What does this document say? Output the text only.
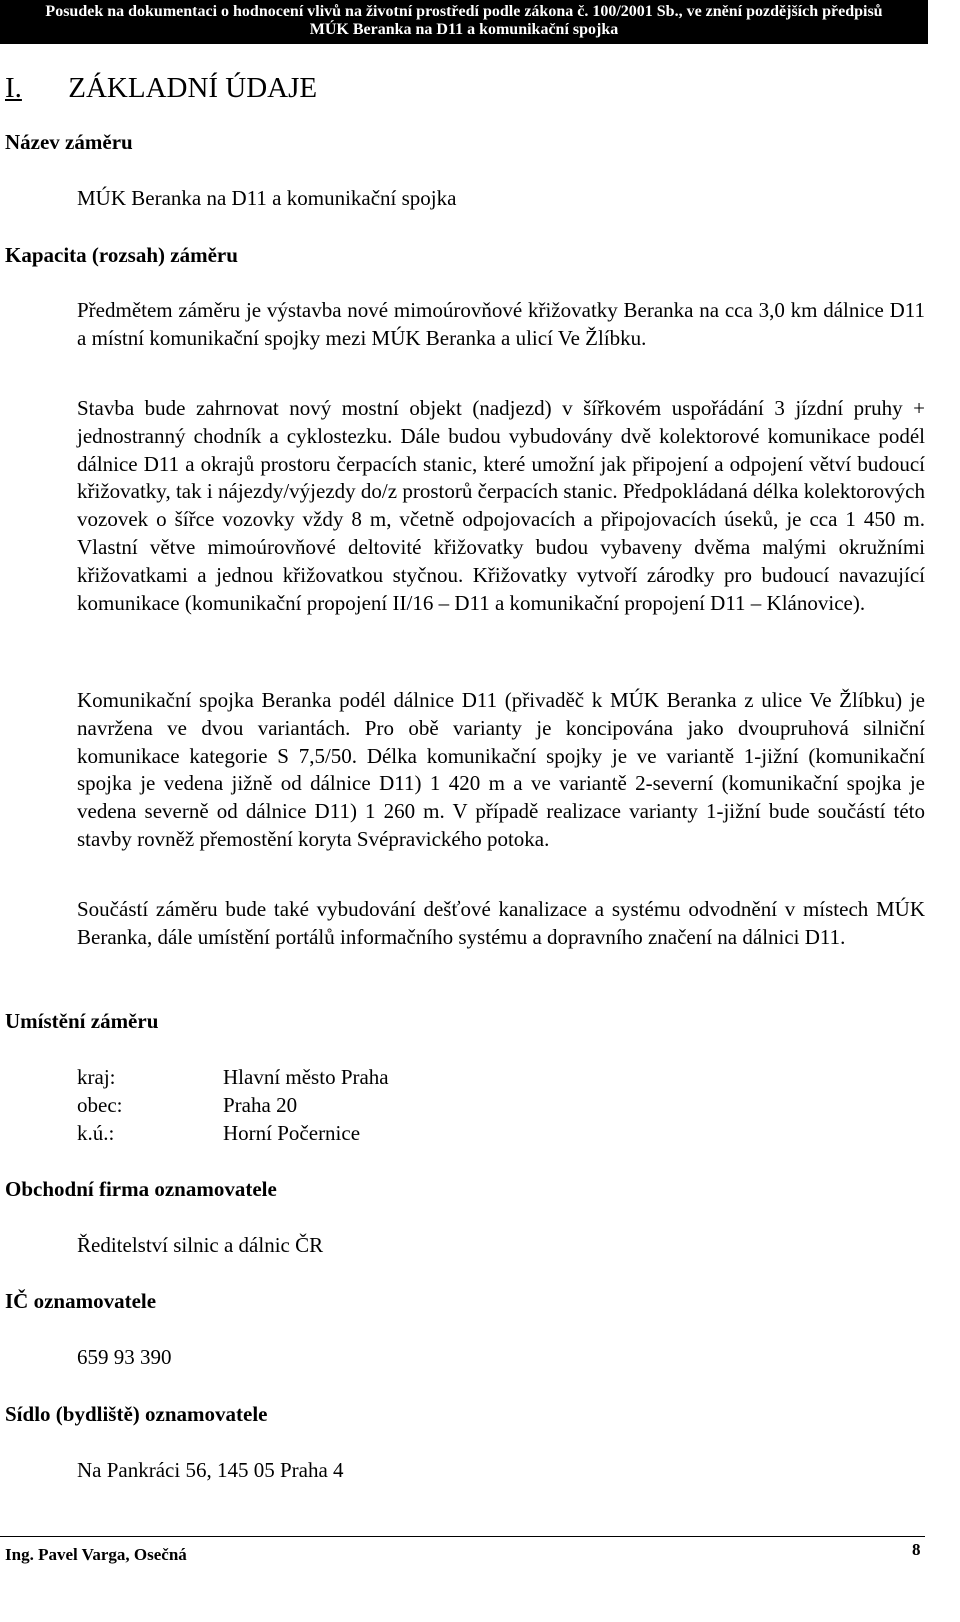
Posudek na dokumentaci o hodnocení vlivů na životní prostředí podle zákona č. 100/2001 Sb., ve znění pozdějších předpisů
MÚK Beranka na D11 a komunikační spojka
I. ZÁKLADNÍ ÚDAJE
Název záměru
MÚK Beranka na D11 a komunikační spojka
Kapacita (rozsah) záměru
Předmětem záměru je výstavba nové mimoúrovňové křižovatky Beranka na cca 3,0 km dálnice D11 a místní komunikační spojky mezi MÚK Beranka a ulicí Ve Žlíbku.
Stavba bude zahrnovat nový mostní objekt (nadjezd) v šířkovém uspořádání 3 jízdní pruhy + jednostranný chodník a cyklostezku. Dále budou vybudovány dvě kolektorové komunikace podél dálnice D11 a okrajů prostoru čerpacích stanic, které umožní jak připojení a odpojení větví budoucí křižovatky, tak i nájezdy/výjezdy do/z prostorů čerpacích stanic. Předpokládaná délka kolektorových vozovek o šířce vozovky vždy 8 m, včetně odpojovacích a připojovacích úseků, je cca 1 450 m. Vlastní větve mimoúrovňové deltovité křižovatky budou vybaveny dvěma malými okružními křižovatkami a jednou křižovatkou styčnou. Křižovatky vytvoří zárodky pro budoucí navazující komunikace (komunikační propojení II/16 – D11 a komunikační propojení D11 – Klánovice).
Komunikační spojka Beranka podél dálnice D11 (přivaděč k MÚK Beranka z ulice Ve Žlíbku) je navržena ve dvou variantách. Pro obě varianty je koncipována jako dvoupruhová silniční komunikace kategorie S 7,5/50. Délka komunikační spojky je ve variantě 1-jižní (komunikační spojka je vedena jižně od dálnice D11) 1 420 m a ve variantě 2-severní (komunikační spojka je vedena severně od dálnice D11) 1 260 m. V případě realizace varianty 1-jižní bude součástí této stavby rovněž přemostění koryta Svépravického potoka.
Součástí záměru bude také vybudování dešťové kanalizace a systému odvodnění v místech MÚK Beranka, dále umístění portálů informačního systému a dopravního značení na dálnici D11.
Umístění záměru
kraj:	Hlavní město Praha
obec:	Praha 20
k.ú.:	Horní Počernice
Obchodní firma oznamovatele
Ředitelství silnic a dálnic ČR
IČ oznamovatele
659 93 390
Sídlo (bydliště) oznamovatele
Na Pankráci 56, 145 05 Praha 4
Ing. Pavel Varga, Osečná	8
